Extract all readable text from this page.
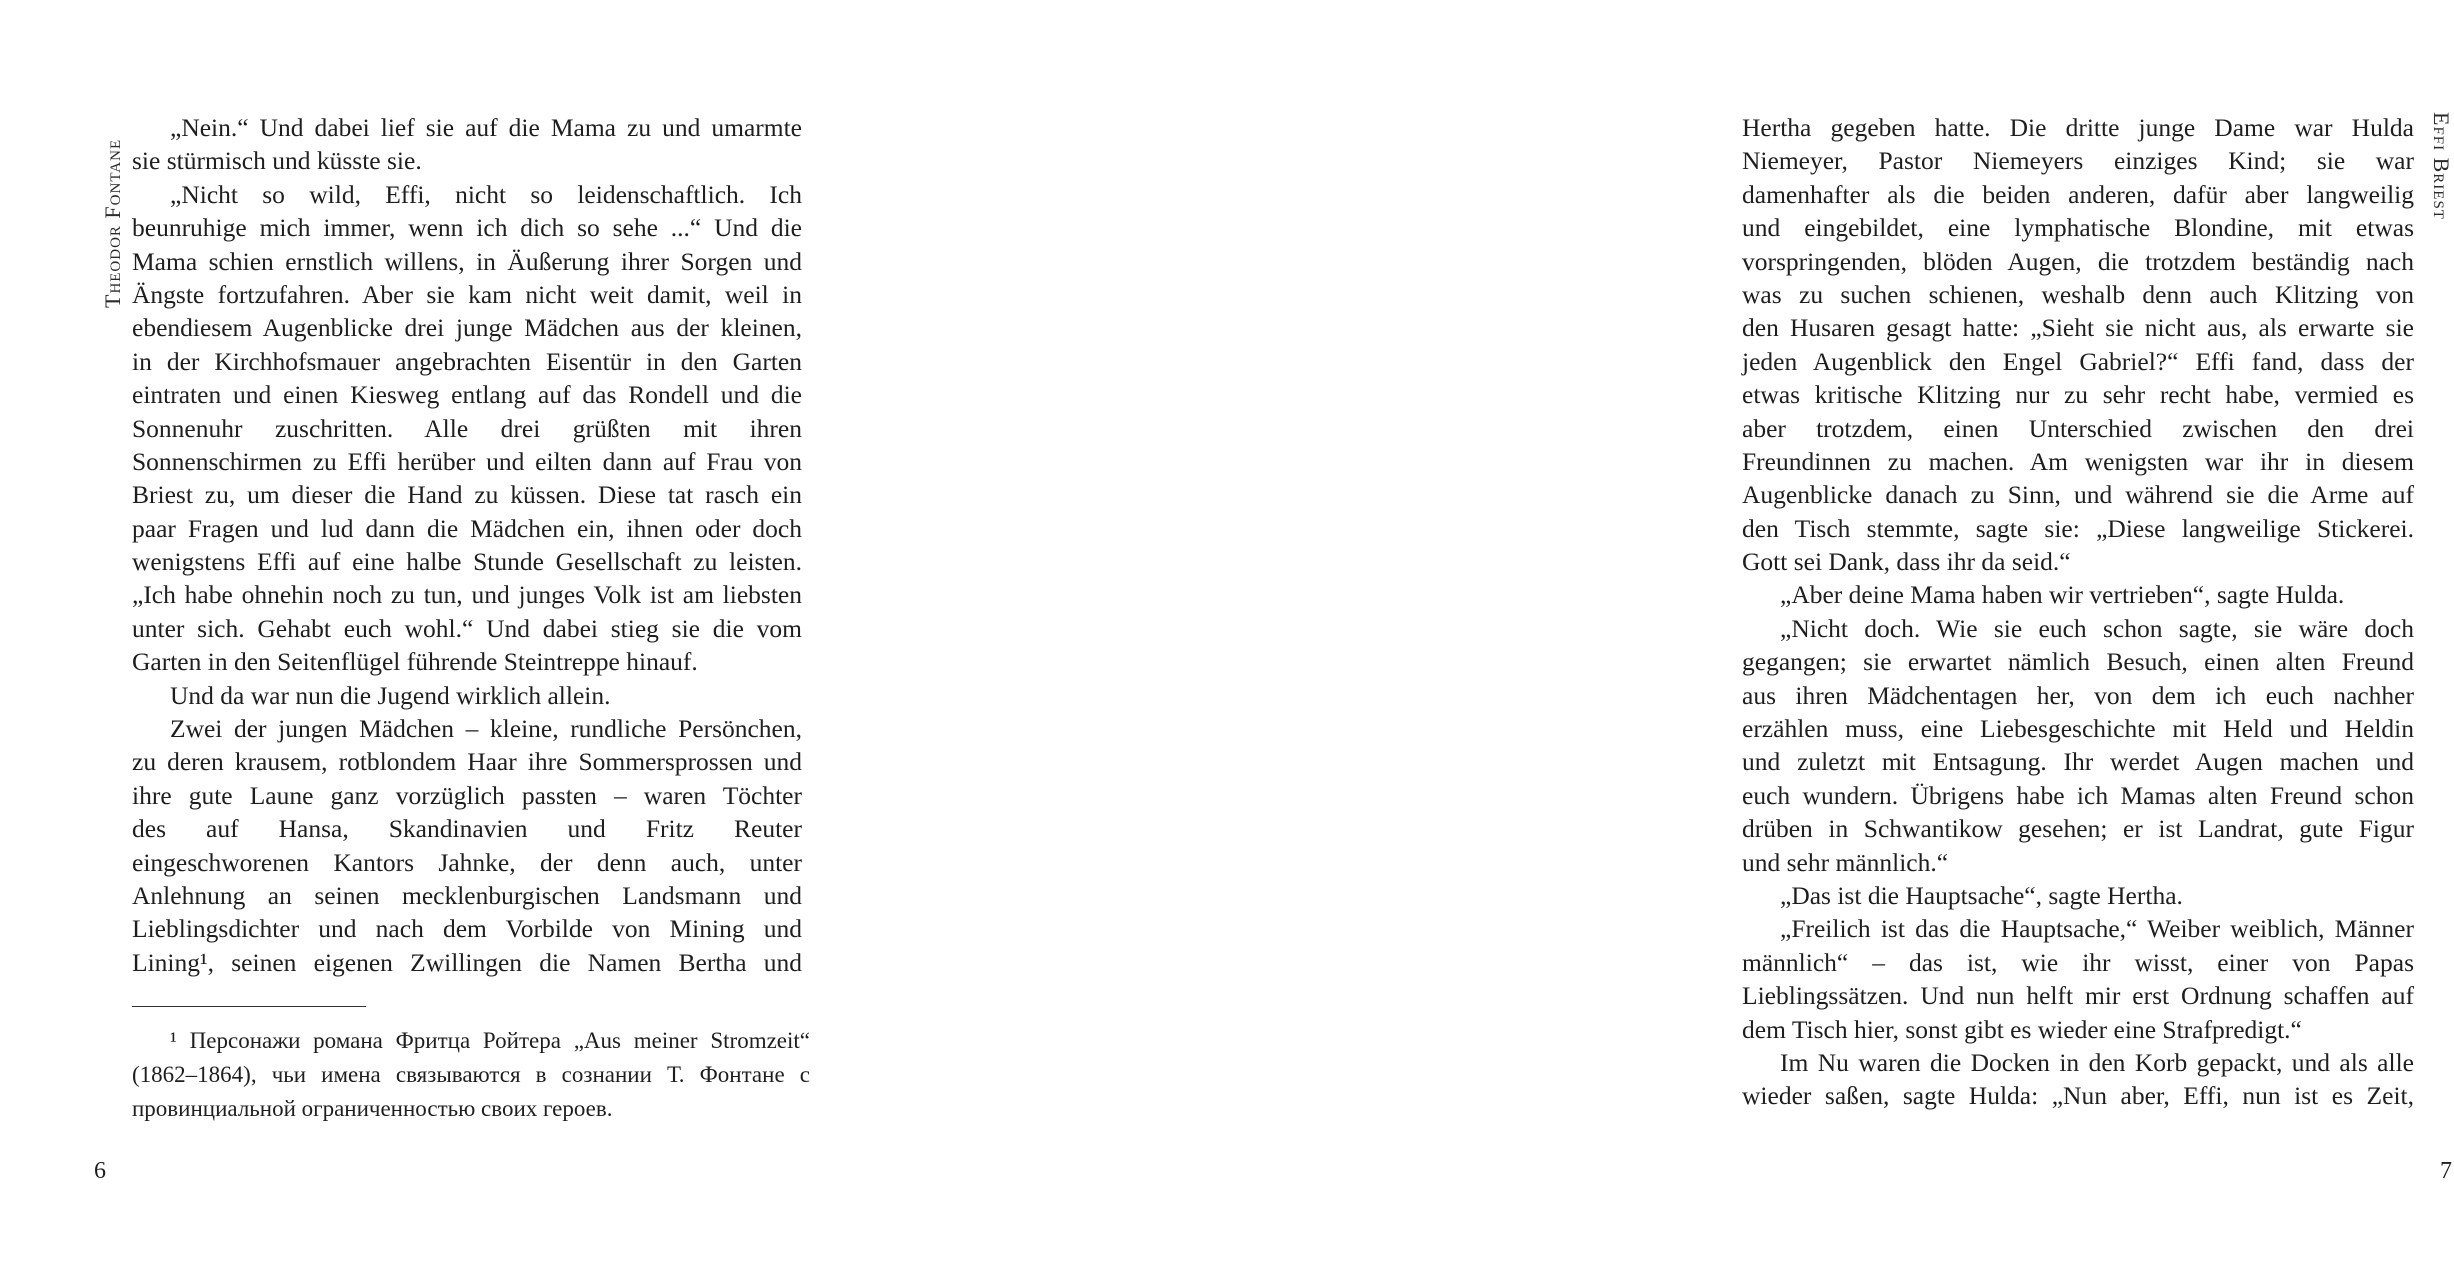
Theodor Fontane
„Nein.“ Und dabei lief sie auf die Mama zu und umarmte
sie stürmisch und küsste sie.
„Nicht so wild, Effi, nicht so leidenschaftlich. Ich
beunruhige mich immer, wenn ich dich so sehe ...“ Und die
Mama schien ernstlich willens, in Äußerung ihrer Sorgen und
Ängste fortzufahren. Aber sie kam nicht weit damit, weil in
ebendiesem Augenblicke drei junge Mädchen aus der kleinen,
in der Kirchhofsmauer angebrachten Eisentür in den Garten
eintraten und einen Kiesweg entlang auf das Rondell und die
Sonnenuhr zuschritten. Alle drei grüßten mit ihren
Sonnenschirmen zu Effi herüber und eilten dann auf Frau von
Briest zu, um dieser die Hand zu küssen. Diese tat rasch ein
paar Fragen und lud dann die Mädchen ein, ihnen oder doch
wenigstens Effi auf eine halbe Stunde Gesellschaft zu leisten.
„Ich habe ohnehin noch zu tun, und junges Volk ist am liebsten
unter sich. Gehabt euch wohl.“ Und dabei stieg sie die vom
Garten in den Seitenflügel führende Steintreppe hinauf.
Und da war nun die Jugend wirklich allein.
Zwei der jungen Mädchen – kleine, rundliche Persönchen,
zu deren krausem, rotblondem Haar ihre Sommersprossen und
ihre gute Laune ganz vorzüglich passten – waren Töchter
des auf Hansa, Skandinavien und Fritz Reuter
eingeschworenen Kantors Jahnke, der denn auch, unter
Anlehnung an seinen mecklenburgischen Landsmann und
Lieblingsdichter und nach dem Vorbilde von Mining und
Lining¹, seinen eigenen Zwillingen die Namen Bertha und
¹ Персонажи романа Фритца Ройтера „Aus meiner Stromzeit“
(1862–1864), чьи имена связываются в сознании Т. Фонтане с
провинциальной ограниченностью своих героев.
6
Effi Briest
Hertha gegeben hatte. Die dritte junge Dame war Hulda
Niemeyer, Pastor Niemeyers einziges Kind; sie war
damenhafter als die beiden anderen, dafür aber langweilig
und eingebildet, eine lymphatische Blondine, mit etwas
vorspringenden, blöden Augen, die trotzdem beständig nach
was zu suchen schienen, weshalb denn auch Klitzing von
den Husaren gesagt hatte: „Sieht sie nicht aus, als erwarte sie
jeden Augenblick den Engel Gabriel?“ Effi fand, dass der
etwas kritische Klitzing nur zu sehr recht habe, vermied es
aber trotzdem, einen Unterschied zwischen den drei
Freundinnen zu machen. Am wenigsten war ihr in diesem
Augenblicke danach zu Sinn, und während sie die Arme auf
den Tisch stemmte, sagte sie: „Diese langweilige Stickerei.
Gott sei Dank, dass ihr da seid.“
„Aber deine Mama haben wir vertrieben“, sagte Hulda.
„Nicht doch. Wie sie euch schon sagte, sie wäre doch
gegangen; sie erwartet nämlich Besuch, einen alten Freund
aus ihren Mädchentagen her, von dem ich euch nachher
erzählen muss, eine Liebesgeschichte mit Held und Heldin
und zuletzt mit Entsagung. Ihr werdet Augen machen und
euch wundern. Übrigens habe ich Mamas alten Freund schon
drüben in Schwantikow gesehen; er ist Landrat, gute Figur
und sehr männlich.“
„Das ist die Hauptsache“, sagte Hertha.
„Freilich ist das die Hauptsache,“ Weiber weiblich, Männer
männlich“ – das ist, wie ihr wisst, einer von Papas
Lieblingssätzen. Und nun helft mir erst Ordnung schaffen auf
dem Tisch hier, sonst gibt es wieder eine Strafpredigt.“
Im Nu waren die Docken in den Korb gepackt, und als alle
wieder saßen, sagte Hulda: „Nun aber, Effi, nun ist es Zeit,
7
